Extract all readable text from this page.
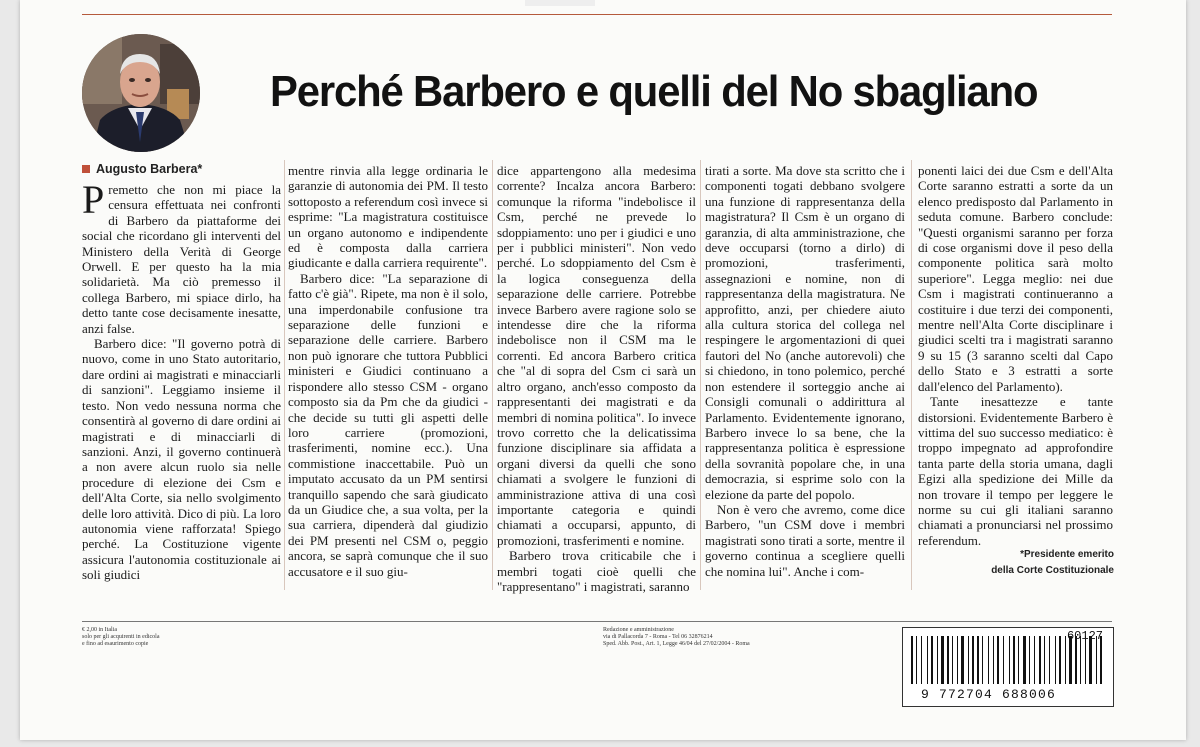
Perché Barbero e quelli del No sbagliano
Augusto Barbera*

Premetto che non mi piace la censura effettuata nei confronti di Barbero da piattaforme dei social che ricordano gli interventi del Ministero della Verità di George Orwell. E per questo ha la mia solidarietà. Ma ciò premesso il collega Barbero, mi spiace dirlo, ha detto tante cose decisamente inesatte, anzi false.

Barbero dice: "Il governo potrà di nuovo, come in uno Stato autoritario, dare ordini ai magistrati e minacciarli di sanzioni". Leggiamo insieme il testo. Non vedo nessuna norma che consentirà al governo di dare ordini ai magistrati e di minacciarli di sanzioni. Anzi, il governo continuerà a non avere alcun ruolo sia nelle procedure di elezione dei Csm e dell'Alta Corte, sia nello svolgimento delle loro attività. Dico di più. La loro autonomia viene rafforzata! Spiego perché. La Costituzione vigente assicura l'autonomia costituzionale ai soli giudici

mentre rinvia alla legge ordinaria le garanzie di autonomia dei PM. Il testo sottoposto a referendum così invece si esprime: "La magistratura costituisce un organo autonomo e indipendente ed è composta dalla carriera giudicante e dalla carriera requirente".

Barbero dice: "La separazione di fatto c'è già". Ripete, ma non è il solo, una imperdonabile confusione tra separazione delle funzioni e separazione delle carriere. Barbero non può ignorare che tuttora Pubblici ministeri e Giudici continuano a rispondere allo stesso CSM - organo composto sia da Pm che da giudici - che decide su tutti gli aspetti delle loro carriere (promozioni, trasferimenti, nomine ecc.). Una commistione inaccettabile. Può un imputato accusato da un PM sentirsi tranquillo sapendo che sarà giudicato da un Giudice che, a sua volta, per la sua carriera, dipenderà dal giudizio dei PM presenti nel CSM o, peggio ancora, se saprà comunque che il suo accusatore e il suo giu-

dice appartengono alla medesima corrente? Incalza ancora Barbero: comunque la riforma "indebolisce il Csm, perché ne prevede lo sdoppiamento: uno per i giudici e uno per i pubblici ministeri". Non vedo perché. Lo sdoppiamento del Csm è la logica conseguenza della separazione delle carriere. Potrebbe invece Barbero avere ragione solo se intendesse dire che la riforma indebolisce non il CSM ma le correnti. Ed ancora Barbero critica che "al di sopra del Csm ci sarà un altro organo, anch'esso composto da rappresentanti dei magistrati e da membri di nomina politica". Io invece trovo corretto che la delicatissima funzione disciplinare sia affidata a organi diversi da quelli che sono chiamati a svolgere le funzioni di amministrazione attiva di una così importante categoria e quindi chiamati a occuparsi, appunto, di promozioni, trasferimenti e nomine.

Barbero trova criticabile che i membri togati cioè quelli che "rappresentano" i magistrati, saranno

tirati a sorte. Ma dove sta scritto che i componenti togati debbano svolgere una funzione di rappresentanza della magistratura? Il Csm è un organo di garanzia, di alta amministrazione, che deve occuparsi (torno a dirlo) di promozioni, trasferimenti, assegnazioni e nomine, non di rappresentanza della magistratura. Ne approfitto, anzi, per chiedere aiuto alla cultura storica del collega nel respingere le argomentazioni di quei fautori del No (anche autorevoli) che si chiedono, in tono polemico, perché non estendere il sorteggio anche ai Consigli comunali o addirittura al Parlamento. Evidentemente ignorano, Barbero invece lo sa bene, che la rappresentanza politica è espressione della sovranità popolare che, in una democrazia, si esprime solo con la elezione da parte del popolo.

Non è vero che avremo, come dice Barbero, "un CSM dove i membri magistrati sono tirati a sorte, mentre il governo continua a scegliere quelli che nomina lui". Anche i com-

ponenti laici dei due Csm e dell'Alta Corte saranno estratti a sorte da un elenco predisposto dal Parlamento in seduta comune. Barbero conclude: "Questi organismi saranno per forza di cose organismi dove il peso della componente politica sarà molto superiore". Legga meglio: nei due Csm i magistrati continueranno a costituire i due terzi dei componenti, mentre nell'Alta Corte disciplinare i giudici scelti tra i magistrati saranno 9 su 15 (3 saranno scelti dal Capo dello Stato e 3 estratti a sorte dall'elenco del Parlamento).

Tante inesattezze e tante distorsioni. Evidentemente Barbero è vittima del suo successo mediatico: è troppo impegnato ad approfondire tanta parte della storia umana, dagli Egizi alla spedizione dei Mille da non trovare il tempo per leggere le norme su cui gli italiani saranno chiamati a pronunciarsi nel prossimo referendum.

*Presidente emerito
della Corte Costituzionale
€ 2,00 in Italia
solo per gli acquirenti in edicola
e fino ad esaurimento copie
Redazione e amministrazione
via di Pallacorda 7 - Roma - Tel 06 32876214
Sped. Abb. Post., Art. 1, Legge 46/04 del 27/02/2004 - Roma
60127
9 772704 688006
